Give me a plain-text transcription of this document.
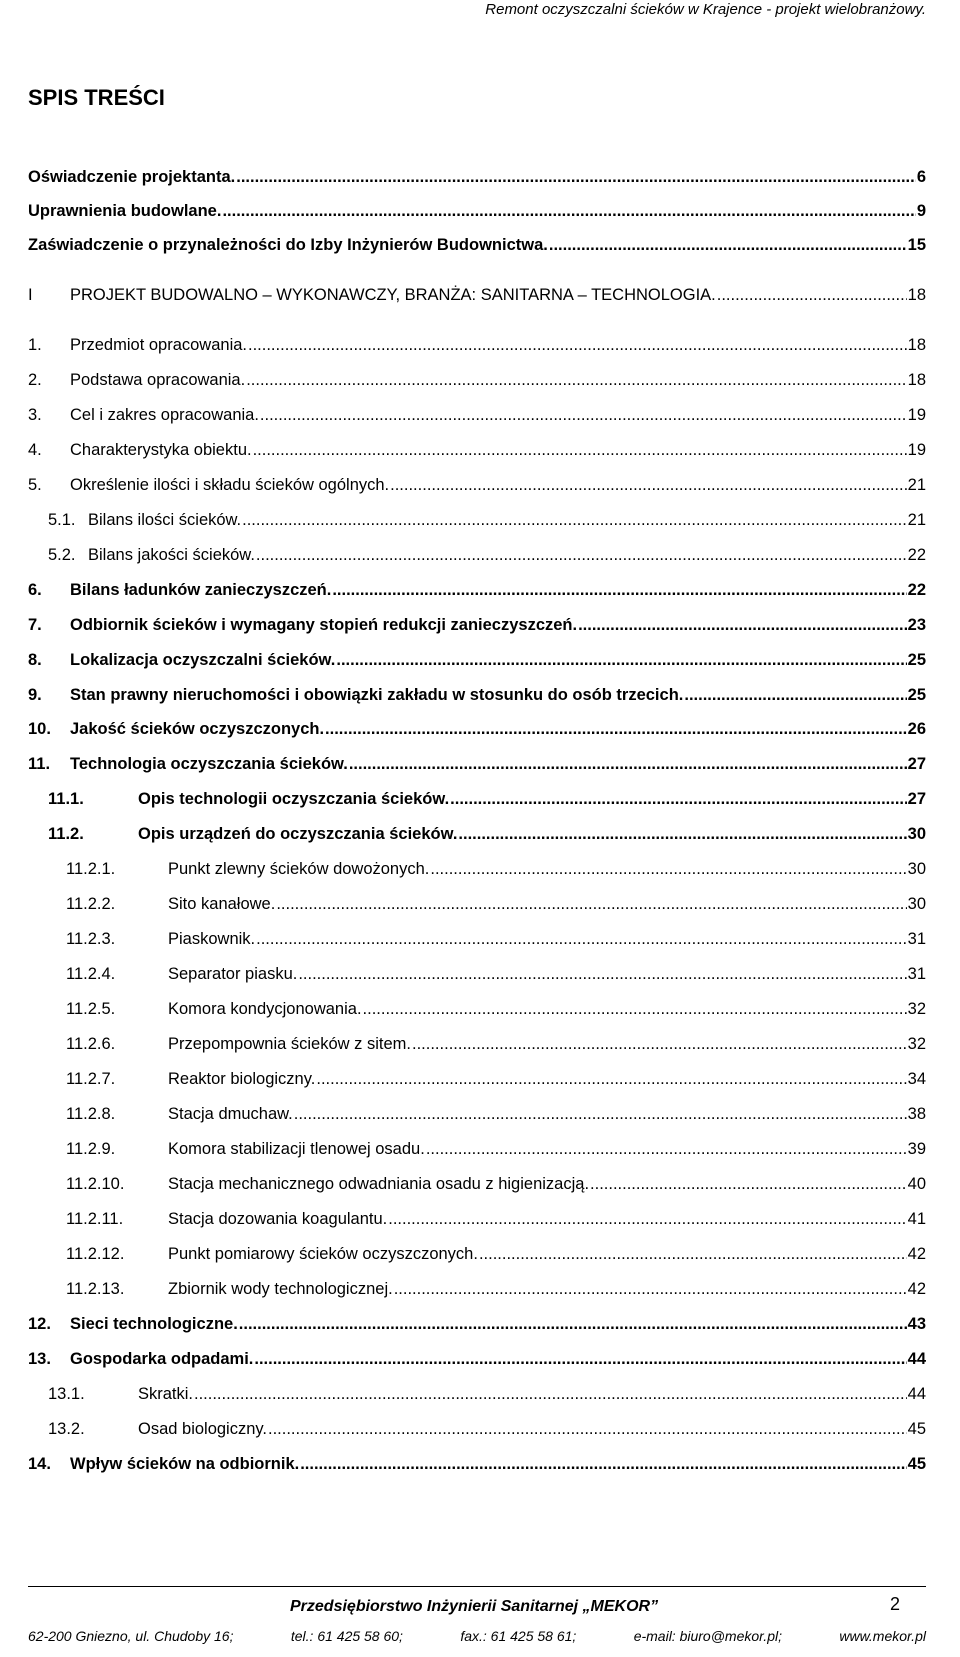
Remont oczyszczalni ścieków w Krajence - projekt wielobranżowy.
SPIS TREŚCI
Oświadczenie projektanta. .....	6
Uprawnienia budowlane. .....	9
Zaświadczenie o przynależności do Izby Inżynierów Budownictwa. .....	15
I	PROJEKT BUDOWALNO – WYKONAWCZY, BRANŻA: SANITARNA – TECHNOLOGIA. .....	18
1.	Przedmiot opracowania. .....	18
2.	Podstawa opracowania. .....	18
3.	Cel i zakres opracowania. .....	19
4.	Charakterystyka obiektu. .....	19
5.	Określenie ilości i składu ścieków ogólnych. .....	21
5.1. Bilans ilości ścieków. .....	21
5.2. Bilans jakości ścieków. .....	22
6.	Bilans ładunków zanieczyszczeń. .....	22
7.	Odbiornik ścieków i wymagany stopień redukcji zanieczyszczeń. .....	23
8.	Lokalizacja oczyszczalni ścieków. .....	25
9.	Stan prawny nieruchomości i obowiązki zakładu w stosunku do osób trzecich. .....	25
10.	Jakość ścieków oczyszczonych. .....	26
11.	Technologia oczyszczania ścieków. .....	27
11.1.	Opis technologii oczyszczania ścieków. .....	27
11.2.	Opis urządzeń do oczyszczania ścieków. .....	30
11.2.1.	Punkt zlewny ścieków dowożonych. .....	30
11.2.2.	Sito kanałowe. .....	30
11.2.3.	Piaskownik. .....	31
11.2.4.	Separator piasku. .....	31
11.2.5.	Komora kondycjonowania. .....	32
11.2.6.	Przepompownia ścieków z sitem. .....	32
11.2.7.	Reaktor biologiczny. .....	34
11.2.8.	Stacja dmuchaw. .....	38
11.2.9.	Komora stabilizacji tlenowej osadu. .....	39
11.2.10.	Stacja mechanicznego odwadniania osadu z higienizacją. .....	40
11.2.11.	Stacja dozowania koagulantu. .....	41
11.2.12.	Punkt pomiarowy ścieków oczyszczonych. .....	42
11.2.13.	Zbiornik wody technologicznej. .....	42
12.	Sieci technologiczne. .....	43
13.	Gospodarka odpadami. .....	44
13.1.	Skratki. .....	44
13.2.	Osad biologiczny. .....	45
14.	Wpływ ścieków na odbiornik. .....	45
Przedsiębiorstwo Inżynierii Sanitarnej „MEKOR”	2
62-200 Gniezno, ul. Chudoby 16;	tel.: 61 425 58 60;	fax.: 61 425 58 61;	e-mail: biuro@mekor.pl;	www.mekor.pl
